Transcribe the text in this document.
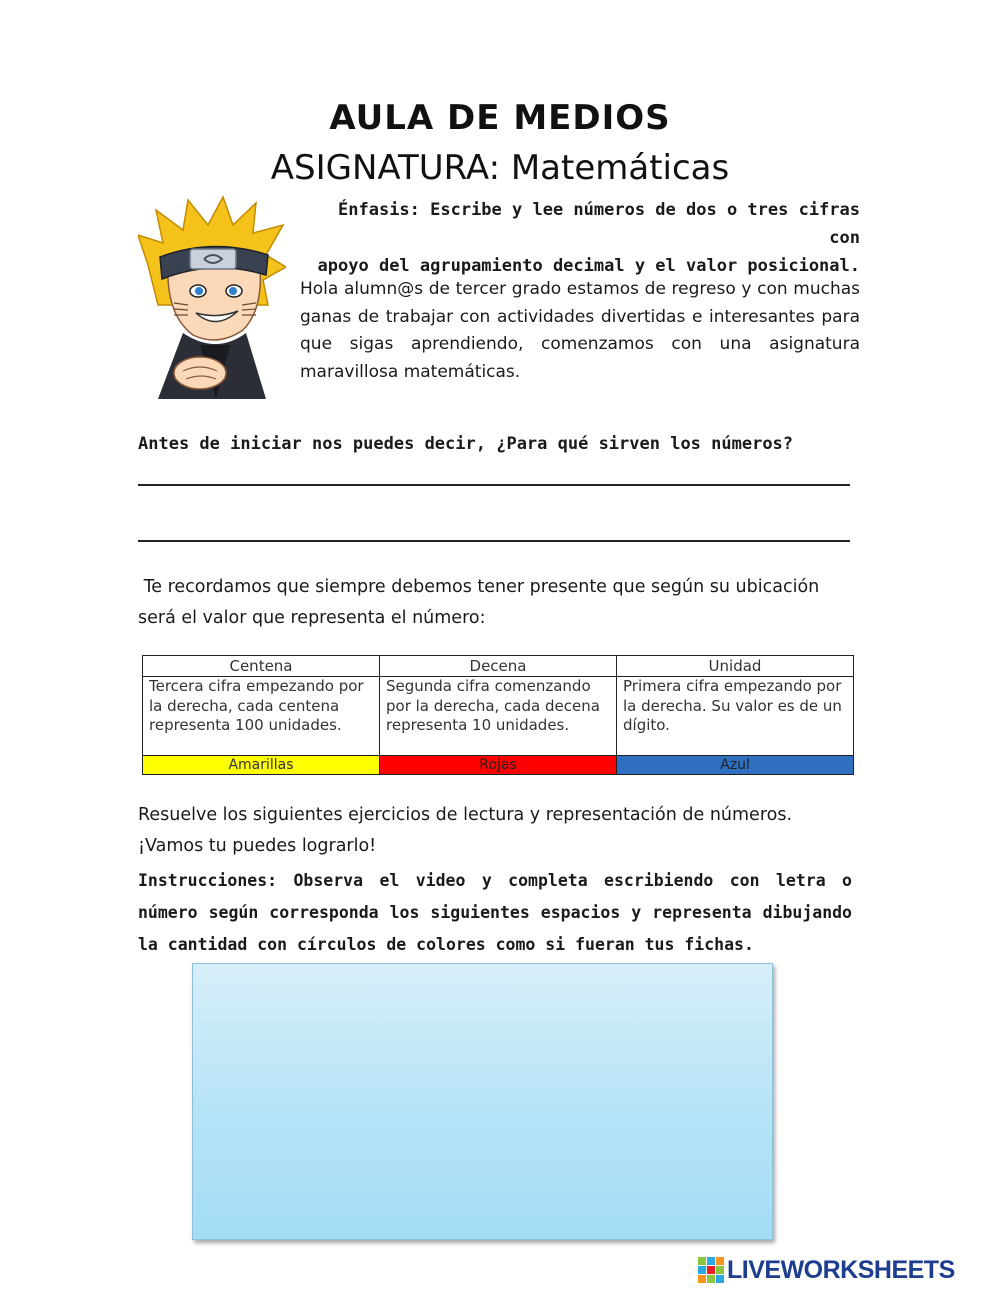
AULA DE MEDIOS
ASIGNATURA: Matemáticas
Énfasis: Escribe y lee números de dos o tres cifras con
apoyo del agrupamiento decimal y el valor posicional.
Hola alumn@s de tercer grado estamos de regreso y con muchas ganas de trabajar con actividades divertidas e interesantes para que sigas aprendiendo, comenzamos con una asignatura maravillosa matemáticas.
Antes de iniciar nos puedes decir, ¿Para qué sirven los números?
Te recordamos que siempre debemos tener presente que según su ubicación
será el valor que representa el número:
Centena	Decena	Unidad
Tercera cifra empezando por la derecha, cada centena representa 100 unidades.	Segunda cifra comenzando por la derecha, cada decena representa 10 unidades.	Primera cifra empezando por la derecha. Su valor es de un dígito.
Amarillas	Rojas	Azul
Resuelve los siguientes ejercicios de lectura y representación de números.
¡Vamos tu puedes lograrlo!
Instrucciones: Observa el video y completa escribiendo con letra o número según corresponda los siguientes espacios y representa dibujando la cantidad con círculos de colores como si fueran tus fichas.
LIVEWORKSHEETS
